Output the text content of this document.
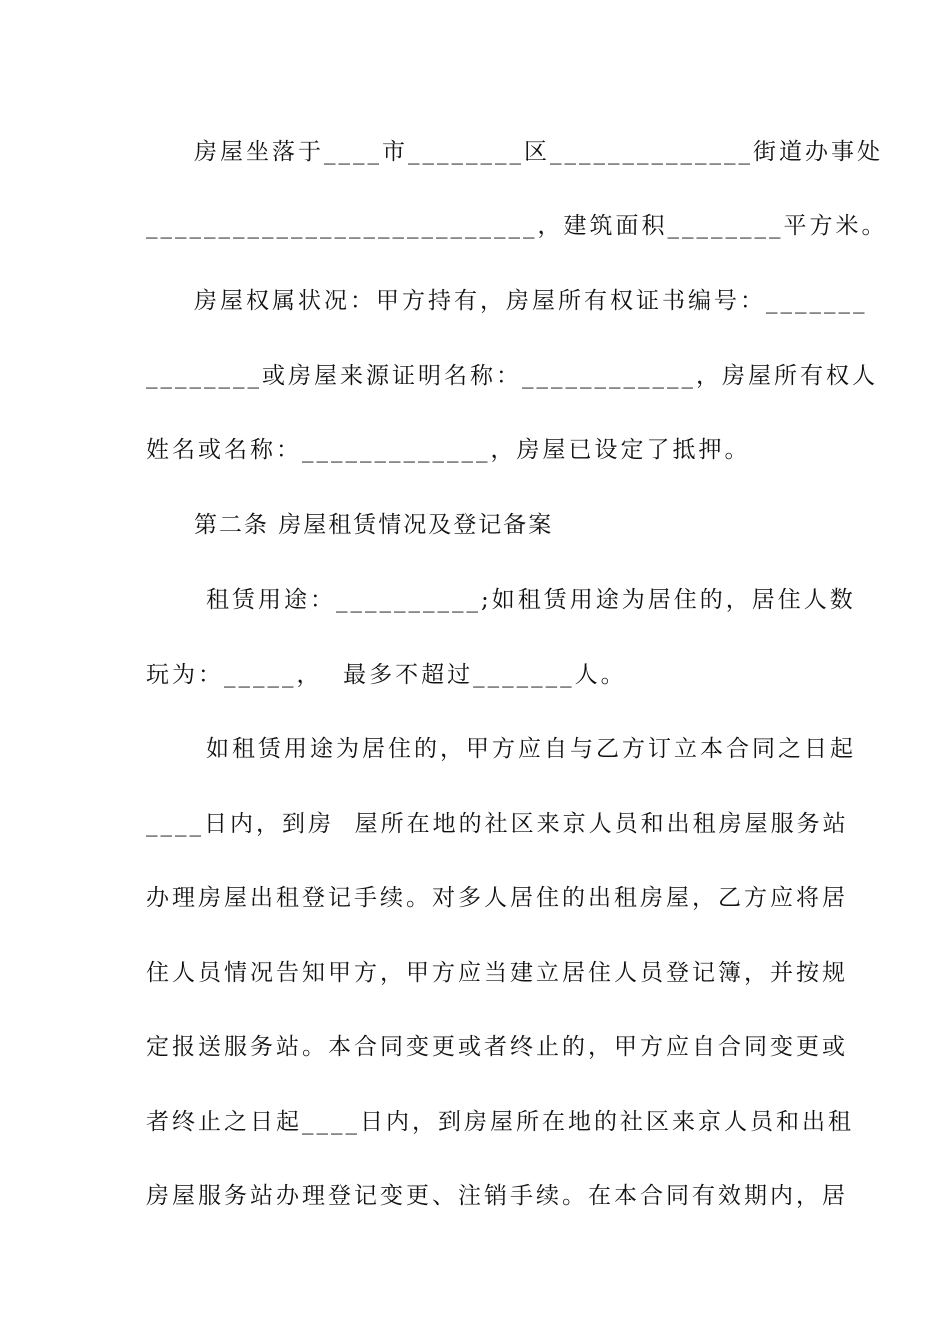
房屋坐落于____市________区______________街道办事处
___________________________，建筑面积________平方米。
房屋权属状况：甲方持有，房屋所有权证书编号：_______
________或房屋来源证明名称：____________，房屋所有权人
姓名或名称：_____________，房屋已设定了抵押。
第二条 房屋租赁情况及登记备案
租赁用途：__________;如租赁用途为居住的，居住人数
玩为：_____，  最多不超过_______人。
如租赁用途为居住的，甲方应自与乙方订立本合同之日起
____日内，到房  屋所在地的社区来京人员和出租房屋服务站
办理房屋出租登记手续。对多人居住的出租房屋，乙方应将居
住人员情况告知甲方，甲方应当建立居住人员登记簿，并按规
定报送服务站。本合同变更或者终止的，甲方应自合同变更或
者终止之日起____日内，到房屋所在地的社区来京人员和出租
房屋服务站办理登记变更、注销手续。在本合同有效期内，居
